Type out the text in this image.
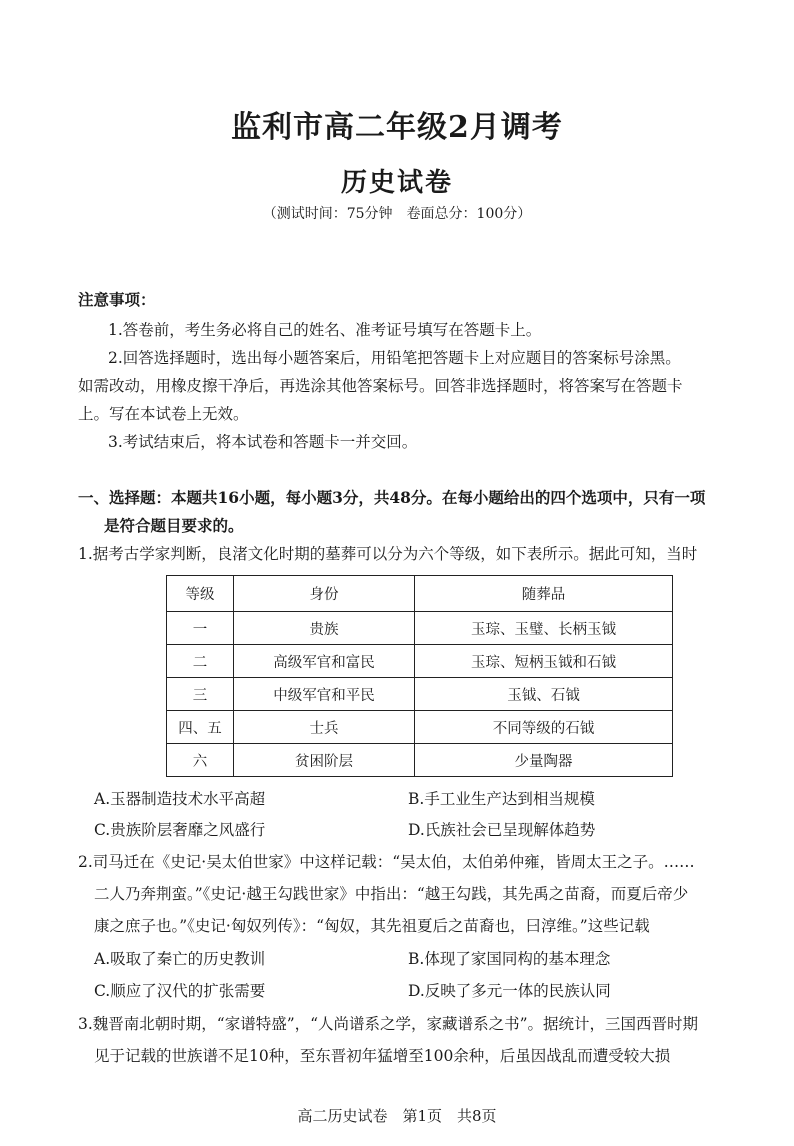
监利市高二年级2月调考
历史试卷
（测试时间：75分钟　卷面总分：100分）
注意事项：
1.答卷前，考生务必将自己的姓名、准考证号填写在答题卡上。
2.回答选择题时，选出每小题答案后，用铅笔把答题卡上对应题目的答案标号涂黑。
如需改动，用橡皮擦干净后，再选涂其他答案标号。回答非选择题时，将答案写在答题卡
上。写在本试卷上无效。
3.考试结束后，将本试卷和答题卡一并交回。
一、选择题：本题共16小题，每小题3分，共48分。在每小题给出的四个选项中，只有一项
是符合题目要求的。
1.据考古学家判断，良渚文化时期的墓葬可以分为六个等级，如下表所示。据此可知，当时
等级	身份	随葬品
一	贵族	玉琮、玉璧、长柄玉钺
二	高级军官和富民	玉琮、短柄玉钺和石钺
三	中级军官和平民	玉钺、石钺
四、五	士兵	不同等级的石钺
六	贫困阶层	少量陶器
A.玉器制造技术水平高超	B.手工业生产达到相当规模
C.贵族阶层奢靡之风盛行	D.氏族社会已呈现解体趋势
2.司马迁在《史记·吴太伯世家》中这样记载：“吴太伯，太伯弟仲雍，皆周太王之子。……
二人乃奔荆蛮。”《史记·越王勾践世家》中指出：“越王勾践，其先禹之苗裔，而夏后帝少
康之庶子也。”《史记·匈奴列传》：“匈奴，其先祖夏后之苗裔也，曰淳维。”这些记载
A.吸取了秦亡的历史教训	B.体现了家国同构的基本理念
C.顺应了汉代的扩张需要	D.反映了多元一体的民族认同
3.魏晋南北朝时期，“家谱特盛”，“人尚谱系之学，家藏谱系之书”。据统计，三国西晋时期
见于记载的世族谱不足10种，至东晋初年猛增至100余种，后虽因战乱而遭受较大损
高二历史试卷　第1页　共8页
